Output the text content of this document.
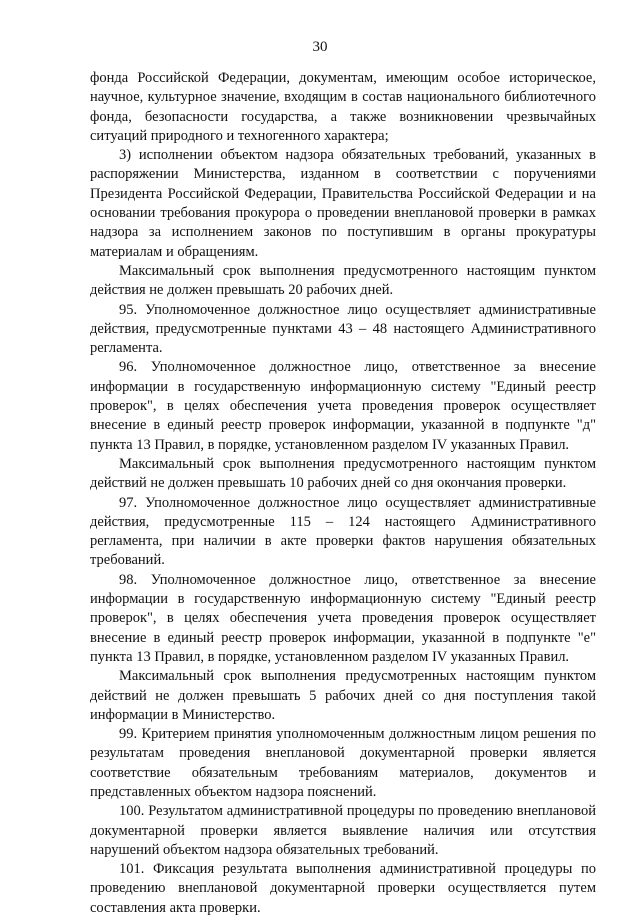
30

фонда Российской Федерации, документам, имеющим особое историческое, научное, культурное значение, входящим в состав национального библиотечного фонда, безопасности государства, а также возникновении чрезвычайных ситуаций природного и техногенного характера;

3) исполнении объектом надзора обязательных требований, указанных в распоряжении Министерства, изданном в соответствии с поручениями Президента Российской Федерации, Правительства Российской Федерации и на основании требования прокурора о проведении внеплановой проверки в рамках надзора за исполнением законов по поступившим в органы прокуратуры материалам и обращениям.

Максимальный срок выполнения предусмотренного настоящим пунктом действия не должен превышать 20 рабочих дней.

95. Уполномоченное должностное лицо осуществляет административные действия, предусмотренные пунктами 43 – 48 настоящего Административного регламента.

96. Уполномоченное должностное лицо, ответственное за внесение информации в государственную информационную систему "Единый реестр проверок", в целях обеспечения учета проведения проверок осуществляет внесение в единый реестр проверок информации, указанной в подпункте "д" пункта 13 Правил, в порядке, установленном разделом IV указанных Правил.

Максимальный срок выполнения предусмотренного настоящим пунктом действий не должен превышать 10 рабочих дней со дня окончания проверки.

97. Уполномоченное должностное лицо осуществляет административные действия, предусмотренные 115 – 124 настоящего Административного регламента, при наличии в акте проверки фактов нарушения обязательных требований.

98. Уполномоченное должностное лицо, ответственное за внесение информации в государственную информационную систему "Единый реестр проверок", в целях обеспечения учета проведения проверок осуществляет внесение в единый реестр проверок информации, указанной в подпункте "е" пункта 13 Правил, в порядке, установленном разделом IV указанных Правил.

Максимальный срок выполнения предусмотренных настоящим пунктом действий не должен превышать 5 рабочих дней со дня поступления такой информации в Министерство.

99. Критерием принятия уполномоченным должностным лицом решения по результатам проведения внеплановой документарной проверки является соответствие обязательным требованиям материалов, документов и представленных объектом надзора пояснений.

100. Результатом административной процедуры по проведению внеплановой документарной проверки является выявление наличия или отсутствия нарушений объектом надзора обязательных требований.

101. Фиксация результата выполнения административной процедуры по проведению внеплановой документарной проверки осуществляется путем составления акта проверки.
